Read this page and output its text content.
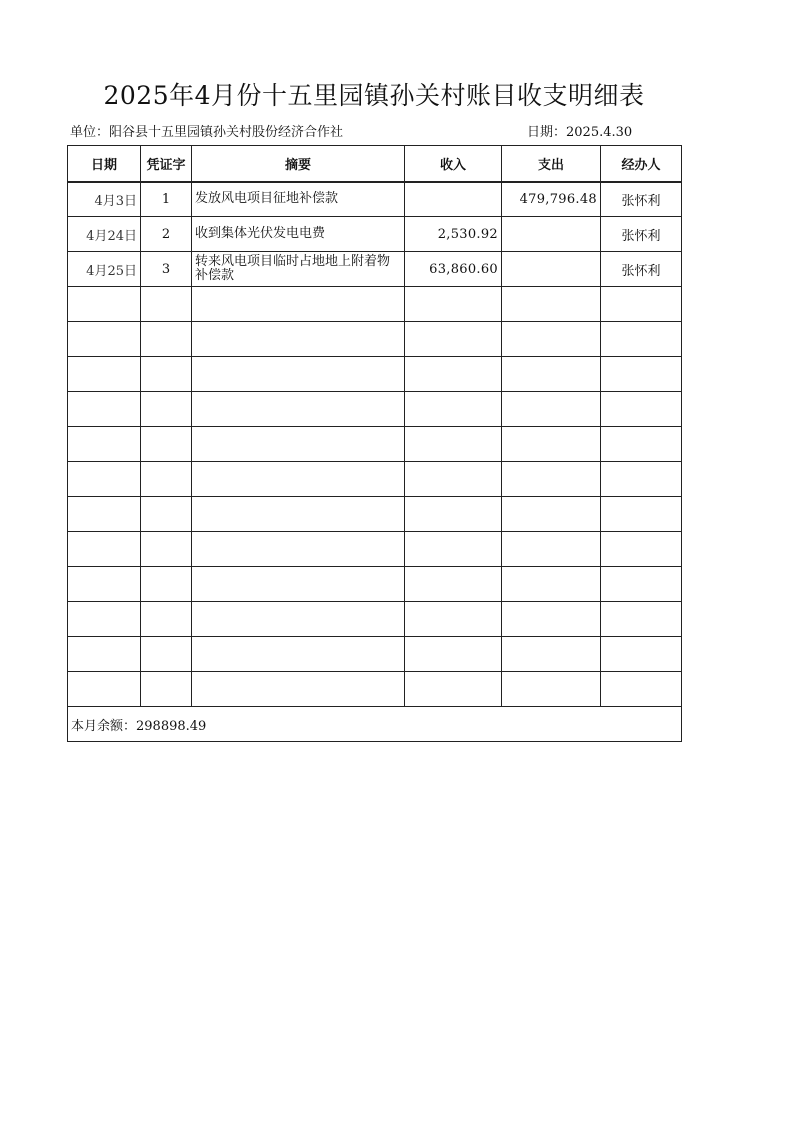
2025年4月份十五里园镇孙关村账目收支明细表
单位：阳谷县十五里园镇孙关村股份经济合作社	日期：2025.4.30
日期	凭证字	摘要	收入	支出	经办人
4月3日	1	发放风电项目征地补偿款		479,796.48	张怀利
4月24日	2	收到集体光伏发电电费	2,530.92		张怀利
4月25日	3	转来风电项目临时占地地上附着物补偿款	63,860.60		张怀利

本月余额：298898.49					
